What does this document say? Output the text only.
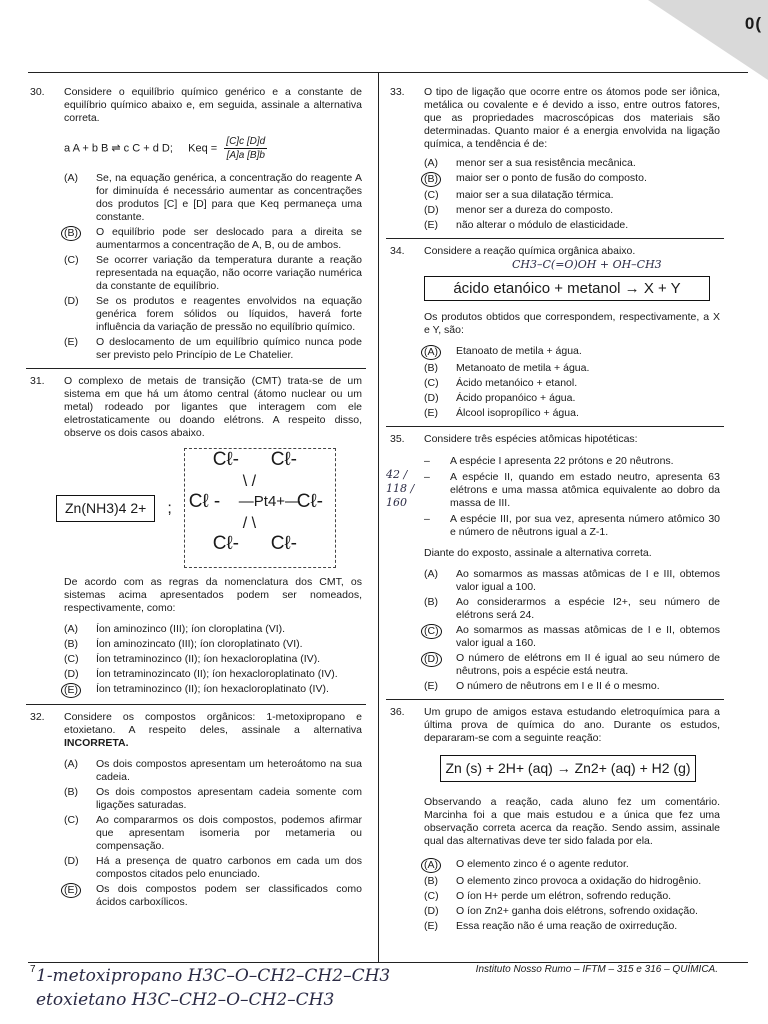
0(
30. Considere o equilíbrio químico genérico e a constante de equilíbrio químico abaixo e, em seguida, assinale a alternativa correta.
a A + b B ⇌ c C + d D; Keq = $\frac{[C]c [D]d}{[A]a [B]b}$
(A)	Se, na equação genérica, a concentração do reagente A for diminuída é necessário aumentar as concentrações dos produtos [C] e [D] para que Keq permaneça uma constante.
(B)	O equilíbrio pode ser deslocado para a direita se aumentarmos a concentração de A, B, ou de ambos.
(C)	Se ocorrer variação da temperatura durante a reação representada na equação, não ocorre variação numérica da constante de equilíbrio.
(D)	Se os produtos e reagentes envolvidos na equação genérica forem sólidos ou líquidos, haverá forte influência da variação de pressão no equilíbrio químico.
(E)	O deslocamento de um equilíbrio químico nunca pode ser previsto pelo Princípio de Le Chatelier.
31. O complexo de metais de transição (CMT) trata-se de um sistema em que há um átomo central (átomo nuclear ou um metal) rodeado por ligantes que interagem com ele eletrostaticamente ou doando elétrons. A respeito disso, observe os dois casos abaixo.
Zn(NH3)4 2+	;
Cℓ- Cℓ-
\ /
Cℓ - —Pt4+—
Cℓ-
/ \
Cℓ- Cℓ-
De acordo com as regras da nomenclatura dos CMT, os sistemas acima apresentados podem ser nomeados, respectivamente, como:
(A)	Íon aminozinco (III); íon cloroplatina (VI).
(B)	Íon aminozincato (III); íon cloroplatinato (VI).
(C)	Íon tetraminozinco (II); íon hexacloroplatina (IV).
(D)	Íon tetraminozincato (II); íon hexacloroplatinato (IV).
(E)	Íon tetraminozinco (II); íon hexacloroplatinato (IV).
32. Considere os compostos orgânicos: 1-metoxipropano e etoxietano. A respeito deles, assinale a alternativa INCORRETA.
(A)	Os dois compostos apresentam um heteroátomo na sua cadeia.
(B)	Os dois compostos apresentam cadeia somente com ligações saturadas.
(C)	Ao compararmos os dois compostos, podemos afirmar que apresentam isomeria por metameria ou compensação.
(D)	Há a presença de quatro carbonos em cada um dos compostos citados pelo enunciado.
(E)	Os dois compostos podem ser classificados como ácidos carboxílicos.
33. O tipo de ligação que ocorre entre os átomos pode ser iônica, metálica ou covalente e é devido a isso, entre outros fatores, que as propriedades macroscópicas dos materiais são determinadas. Quanto maior é a energia envolvida na ligação química, a tendência é de:
(A)	menor ser a sua resistência mecânica.
(B)	maior ser o ponto de fusão do composto.
(C)	maior ser a sua dilatação térmica.
(D)	menor ser a dureza do composto.
(E)	não alterar o módulo de elasticidade.
34. Considere a reação química orgânica abaixo.
ácido etanóico + metanol → X + Y
Os produtos obtidos que correspondem, respectivamente, a X e Y, são:
(A)	Etanoato de metila + água.
(B)	Metanoato de metila + água.
(C)	Ácido metanóico + etanol.
(D)	Ácido propanóico + água.
(E)	Álcool isopropílico + água.
35. Considere três espécies atômicas hipotéticas:
–	A espécie I apresenta 22 prótons e 20 nêutrons.
–	A espécie II, quando em estado neutro, apresenta 63 elétrons e uma massa atômica equivalente ao dobro da massa de III.
–	A espécie III, por sua vez, apresenta número atômico 30 e número de nêutrons igual a Z-1.
Diante do exposto, assinale a alternativa correta.
(A)	Ao somarmos as massas atômicas de I e III, obtemos valor igual a 100.
(B)	Ao considerarmos a espécie I2+, seu número de elétrons será 24.
(C)	Ao somarmos as massas atômicas de I e II, obtemos valor igual a 160.
(D)	O número de elétrons em II é igual ao seu número de nêutrons, pois a espécie está neutra.
(E)	O número de nêutrons em I e II é o mesmo.
36. Um grupo de amigos estava estudando eletroquímica para a última prova de química do ano. Durante os estudos, depararam-se com a seguinte reação:
Zn (s) + 2H+ (aq) → Zn2+ (aq) + H2 (g)
Observando a reação, cada aluno fez um comentário. Marcinha foi a que mais estudou e a única que fez uma observação correta acerca da reação. Sendo assim, assinale qual das alternativas deve ter sido falada por ela.
(A)	O elemento zinco é o agente redutor.
(B)	O elemento zinco provoca a oxidação do hidrogênio.
(C)	O íon H+ perde um elétron, sofrendo redução.
(D)	O íon Zn2+ ganha dois elétrons, sofrendo oxidação.
(E)	Essa reação não é uma reação de oxirredução.
CH3–C(=O)OH + OH–CH3
42 / 118 / 160
7	Instituto Nosso Rumo – IFTM – 315 e 316 – QUÍMICA.
1-metoxipropano H3C–O–CH2–CH2–CH3
etoxietano H3C–CH2–O–CH2–CH3
